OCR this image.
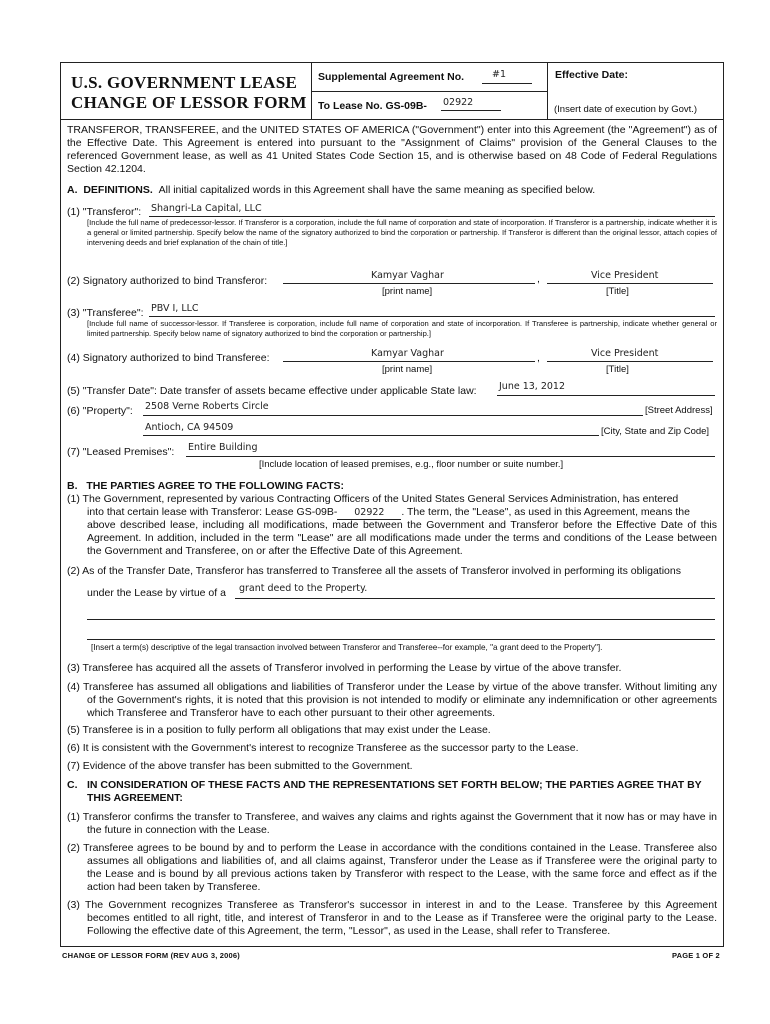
U.S. GOVERNMENT LEASE
CHANGE OF LESSOR FORM
Supplemental Agreement No.	#1
To Lease No. GS-09B- 02922
Effective Date:
(Insert date of execution by Govt.)
TRANSFEROR, TRANSFEREE, and the UNITED STATES OF AMERICA ("Government") enter into this Agreement (the "Agreement") as of the Effective Date. This Agreement is entered into pursuant to the "Assignment of Claims" provision of the General Clauses to the referenced Government lease, as well as 41 United States Code Section 15, and is otherwise based on 48 Code of Federal Regulations Section 42.1204.
A. DEFINITIONS. All initial capitalized words in this Agreement shall have the same meaning as specified below.
(1) "Transferor": Shangri-La Capital, LLC
[Include the full name of predecessor-lessor. If Transferor is a corporation, include the full name of corporation and state of incorporation. If Transferor is a partnership, indicate whether it is a general or limited partnership. Specify below the name of the signatory authorized to bind the corporation or partnership. If Transferor is different than the original lessor, attach copies of intervening deeds and brief explanation of the chain of title.]
(2) Signatory authorized to bind Transferor:	Kamyar Vaghar	,	Vice President
[print name]	[Title]
(3) "Transferee": PBV I, LLC
[Include full name of successor-lessor. If Transferee is corporation, include full name of corporation and state of incorporation. If Transferee is partnership, indicate whether general or limited partnership. Specify below name of signatory authorized to bind the corporation or partnership.]
(4) Signatory authorized to bind Transferee:	Kamyar Vaghar	,	Vice President
[print name]	[Title]
(5) "Transfer Date": Date transfer of assets became effective under applicable State law: June 13, 2012
(6) "Property": 2508 Verne Roberts Circle	[Street Address]
Antioch, CA 94509	[City, State and Zip Code]
(7) "Leased Premises": Entire Building
[Include location of leased premises, e.g., floor number or suite number.]
B. THE PARTIES AGREE TO THE FOLLOWING FACTS:
(1) The Government, represented by various Contracting Officers of the United States General Services Administration, has entered
into that certain lease with Transferor: Lease GS-09B- 02922 . The term, the "Lease", as used in this Agreement, means the
above described lease, including all modifications, made between the Government and Transferor before the Effective Date of this Agreement. In addition, included in the term "Lease" are all modifications made under the terms and conditions of the Lease between the Government and Transferee, on or after the Effective Date of this Agreement.
(2) As of the Transfer Date, Transferor has transferred to Transferee all the assets of Transferor involved in performing its obligations
under the Lease by virtue of a grant deed to the Property.
[Insert a term(s) descriptive of the legal transaction involved between Transferor and Transferee--for example, "a grant deed to the Property"].
(3) Transferee has acquired all the assets of Transferor involved in performing the Lease by virtue of the above transfer.
(4) Transferee has assumed all obligations and liabilities of Transferor under the Lease by virtue of the above transfer. Without limiting any of the Government's rights, it is noted that this provision is not intended to modify or eliminate any indemnification or other agreements which Transferee and Transferor have to each other pursuant to their other agreements.
(5) Transferee is in a position to fully perform all obligations that may exist under the Lease.
(6) It is consistent with the Government's interest to recognize Transferee as the successor party to the Lease.
(7) Evidence of the above transfer has been submitted to the Government.
C. IN CONSIDERATION OF THESE FACTS AND THE REPRESENTATIONS SET FORTH BELOW; THE PARTIES AGREE THAT BY THIS AGREEMENT:
(1) Transferor confirms the transfer to Transferee, and waives any claims and rights against the Government that it now has or may have in the future in connection with the Lease.
(2) Transferee agrees to be bound by and to perform the Lease in accordance with the conditions contained in the Lease. Transferee also assumes all obligations and liabilities of, and all claims against, Transferor under the Lease as if Transferee were the original party to the Lease and is bound by all previous actions taken by Transferor with respect to the Lease, with the same force and effect as if the action had been taken by Transferee.
(3) The Government recognizes Transferee as Transferor's successor in interest in and to the Lease. Transferee by this Agreement becomes entitled to all right, title, and interest of Transferor in and to the Lease as if Transferee were the original party to the Lease. Following the effective date of this Agreement, the term, "Lessor", as used in the Lease, shall refer to Transferee.
CHANGE OF LESSOR FORM (REV AUG 3, 2006)	PAGE 1 OF 2
